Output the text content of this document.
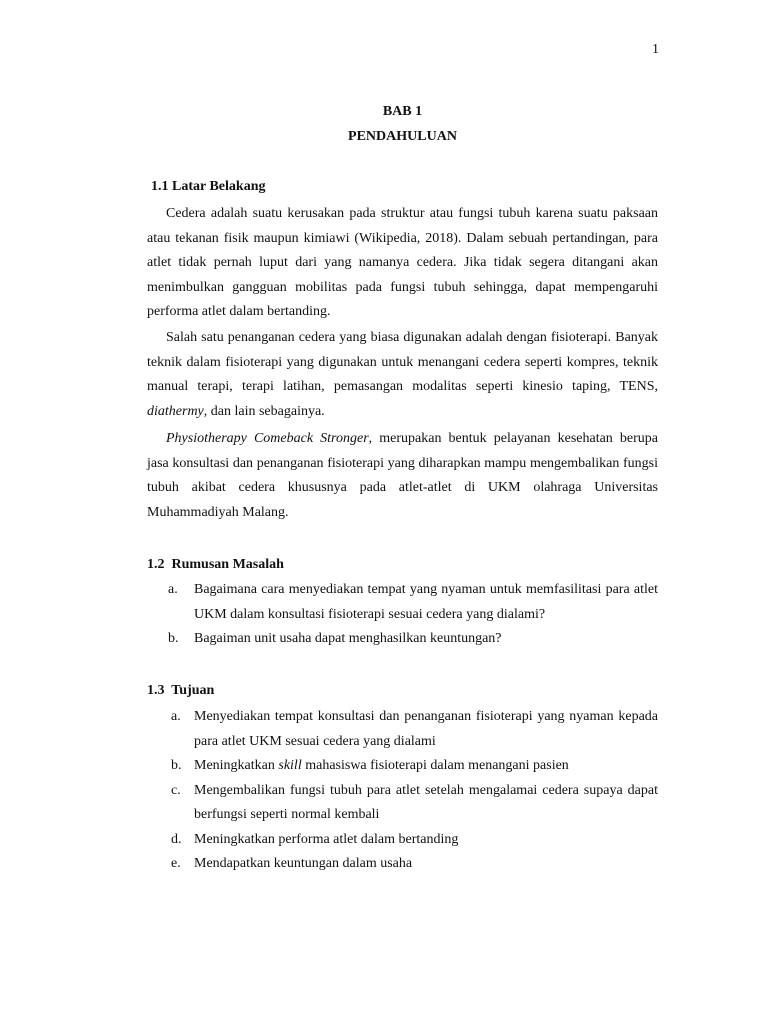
1
BAB 1
PENDAHULUAN
1.1 Latar Belakang

Cedera adalah suatu kerusakan pada struktur atau fungsi tubuh karena suatu paksaan atau tekanan fisik maupun kimiawi (Wikipedia, 2018). Dalam sebuah pertandingan, para atlet tidak pernah luput dari yang namanya cedera. Jika tidak segera ditangani akan menimbulkan gangguan mobilitas pada fungsi tubuh sehingga, dapat mempengaruhi performa atlet dalam bertanding.

Salah satu penanganan cedera yang biasa digunakan adalah dengan fisioterapi. Banyak teknik dalam fisioterapi yang digunakan untuk menangani cedera seperti kompres, teknik manual terapi, terapi latihan, pemasangan modalitas seperti kinesio taping, TENS, diathermy, dan lain sebagainya.

Physiotherapy Comeback Stronger, merupakan bentuk pelayanan kesehatan berupa jasa konsultasi dan penanganan fisioterapi yang diharapkan mampu mengembalikan fungsi tubuh akibat cedera khususnya pada atlet-atlet di UKM olahraga Universitas Muhammadiyah Malang.

1.2  Rumusan Masalah
a. Bagaimana cara menyediakan tempat yang nyaman untuk memfasilitasi para atlet UKM dalam konsultasi fisioterapi sesuai cedera yang dialami?
b. Bagaiman unit usaha dapat menghasilkan keuntungan?
1.3  Tujuan
a. Menyediakan tempat konsultasi dan penanganan fisioterapi yang nyaman kepada para atlet UKM sesuai cedera yang dialami
b. Meningkatkan skill mahasiswa fisioterapi dalam menangani pasien
c. Mengembalikan fungsi tubuh para atlet setelah mengalamai cedera supaya dapat berfungsi seperti normal kembali
d. Meningkatkan performa atlet dalam bertanding
e. Mendapatkan keuntungan dalam usaha
